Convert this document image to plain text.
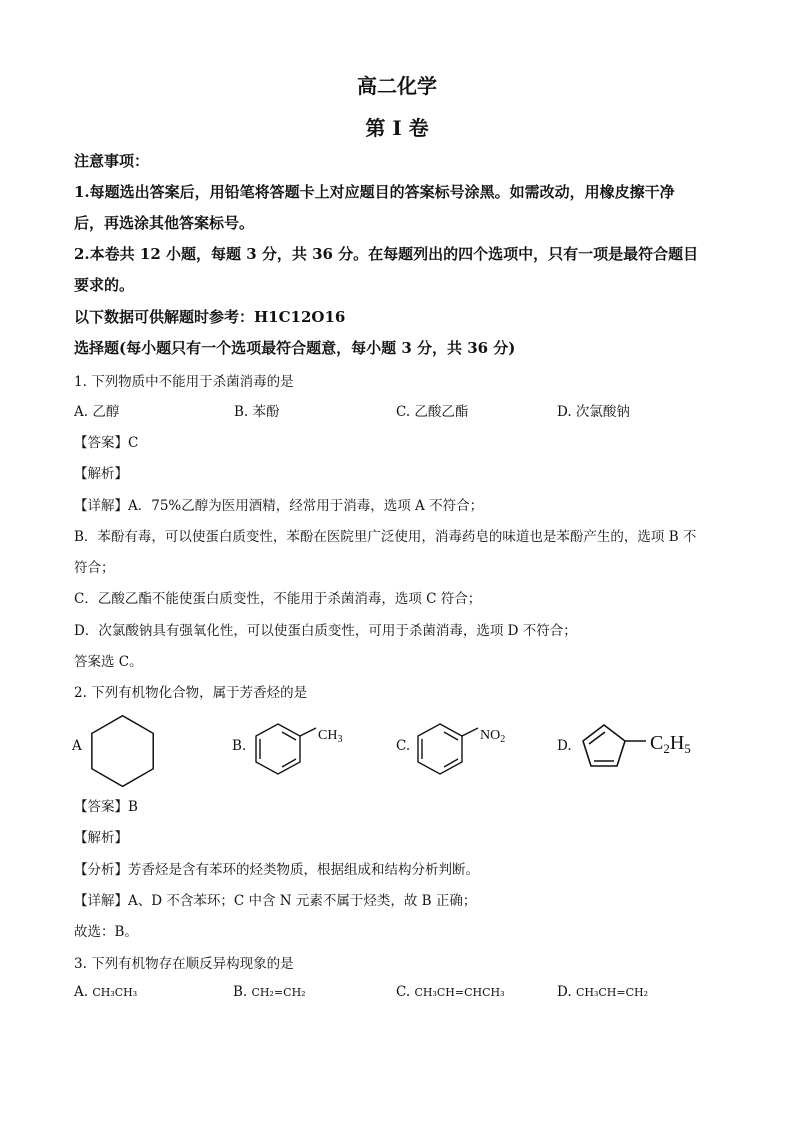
高二化学
第 I 卷
注意事项：
1.每题选出答案后，用铅笔将答题卡上对应题目的答案标号涂黑。如需改动，用橡皮擦干净
后，再选涂其他答案标号。
2.本卷共 12 小题，每题 3 分，共 36 分。在每题列出的四个选项中，只有一项是最符合题目
要求的。
以下数据可供解题时参考：H1C12O16
选择题(每小题只有一个选项最符合题意，每小题 3 分，共 36 分)
1. 下列物质中不能用于杀菌消毒的是
A. 乙醇	B. 苯酚	C. 乙酸乙酯	D. 次氯酸钠
【答案】C
【解析】
【详解】A．75%乙醇为医用酒精，经常用于消毒，选项 A 不符合；
B．苯酚有毒，可以使蛋白质变性，苯酚在医院里广泛使用，消毒药皂的味道也是苯酚产生的，选项 B 不
符合；
C．乙酸乙酯不能使蛋白质变性，不能用于杀菌消毒，选项 C 符合；
D．次氯酸钠具有强氧化性，可以使蛋白质变性，可用于杀菌消毒，选项 D 不符合；
答案选 C。
2. 下列有机物化合物，属于芳香烃的是
A	B.
$CH_3$	C.
$NO_2$	D.	$C_2H_5$
【答案】B
【解析】
【分析】芳香烃是含有苯环的烃类物质，根据组成和结构分析判断。
【详解】A、D 不含苯环；C 中含 N 元素不属于烃类，故 B 正确；
故选：B。
3. 下列有机物存在顺反异构现象的是
A. CH₃CH₃	B. CH₂=CH₂	C. CH₃CH=CHCH₃	D. CH₃CH=CH₂
